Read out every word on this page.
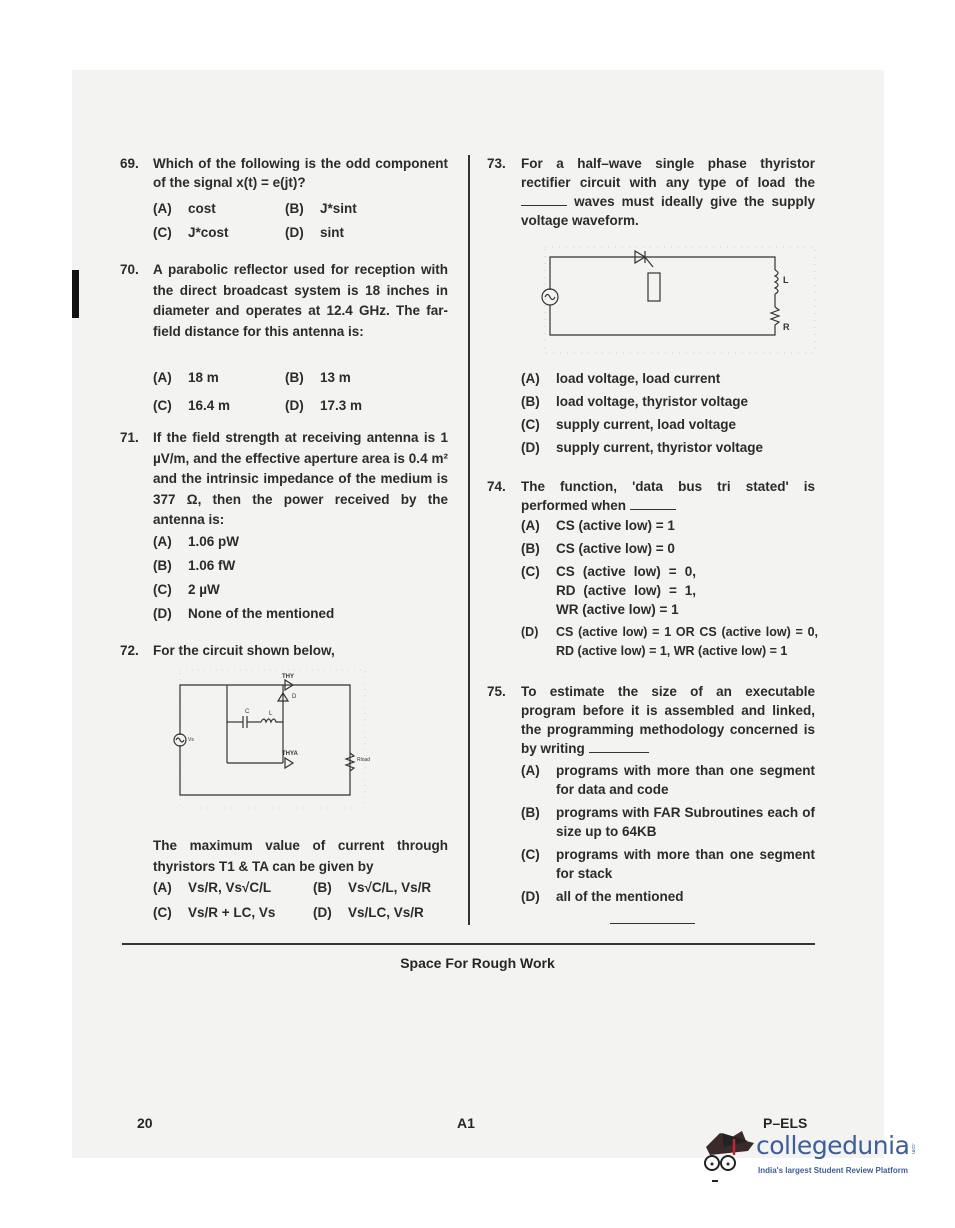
69. Which of the following is the odd component of the signal x(t) = e(jt)?
(A) cost	(B) J*sint
(C) J*cost	(D) sint
70. A parabolic reflector used for reception with the direct broadcast system is 18 inches in diameter and operates at 12.4 GHz. The far-field distance for this antenna is:
(A) 18 m	(B) 13 m
(C) 16.4 m	(D) 17.3 m
71. If the field strength at receiving antenna is 1 µV/m, and the effective aperture area is 0.4 m² and the intrinsic impedance of the medium is 377 Ω, then the power received by the antenna is:
(A) 1.06 pW
(B) 1.06 fW
(C) 2 µW
(D) None of the mentioned
72. For the circuit shown below,
THY
THYA
D
C	L
Vs
Rload
The maximum value of current through thyristors T1 & TA can be given by
(A) Vs/R, Vs√C/L	(B) Vs√C/L, Vs/R
(C) Vs/R + LC, Vs	(D) Vs/LC, Vs/R
73. For a half–wave single phase thyristor rectifier circuit with any type of load the  waves must ideally give the supply voltage waveform.
L
R
(A) load voltage, load current
(B) load voltage, thyristor voltage
(C) supply current, load voltage
(D) supply current, thyristor voltage
74. The function, 'data bus tri stated' is performed when
(A) CS (active low) = 1
(B) CS (active low) = 0
(C) CS (active low) = 0, RD (active low) = 1, WR (active low) = 1
(D) CS (active low) = 1 OR CS (active low) = 0, RD (active low) = 1, WR (active low) = 1
75. To estimate the size of an executable program before it is assembled and linked, the programming methodology concerned is by writing
(A) programs with more than one segment for data and code
(B) programs with FAR Subroutines each of size up to 64KB
(C) programs with more than one segment for stack
(D) all of the mentioned
Space For Rough Work
20	A1	P–ELS
collegedunia .com
India's largest Student Review Platform
